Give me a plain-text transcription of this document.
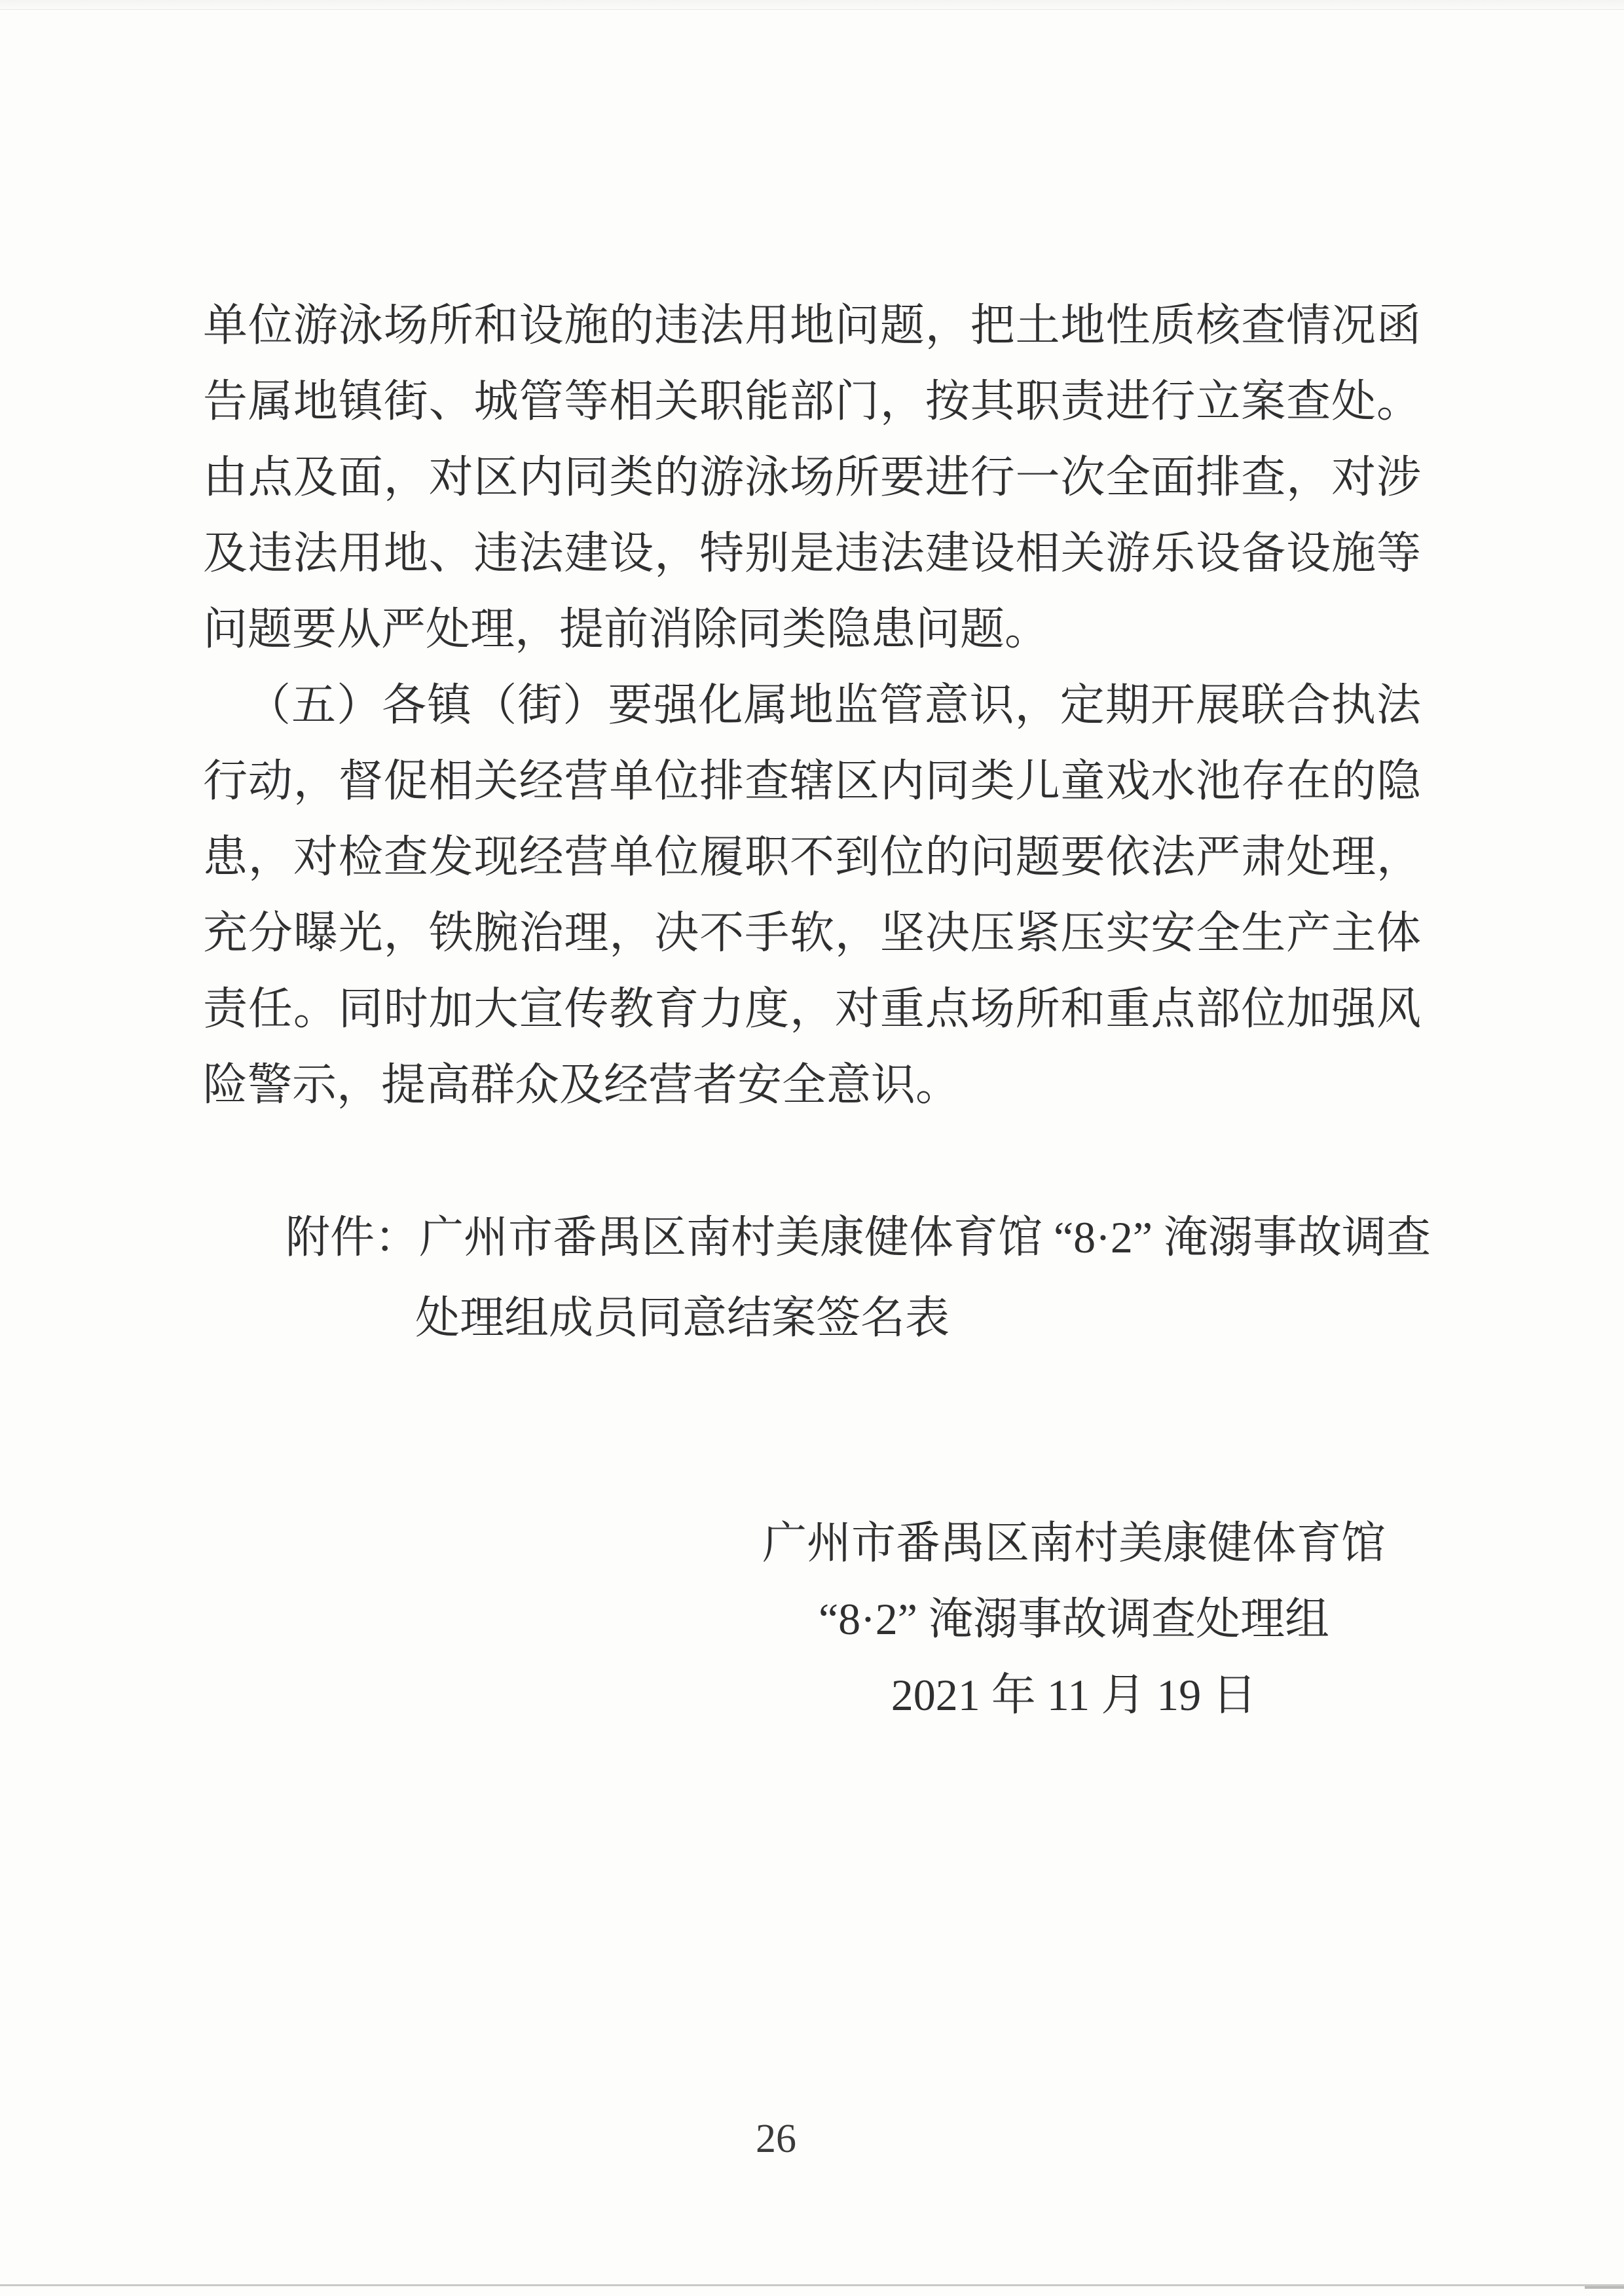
单位游泳场所和设施的违法用地问题，把土地性质核查情况函
告属地镇街、城管等相关职能部门，按其职责进行立案查处。
由点及面，对区内同类的游泳场所要进行一次全面排查，对涉
及违法用地、违法建设，特别是违法建设相关游乐设备设施等
问题要从严处理，提前消除同类隐患问题。
（五）各镇（街）要强化属地监管意识，定期开展联合执法
行动，督促相关经营单位排查辖区内同类儿童戏水池存在的隐
患，对检查发现经营单位履职不到位的问题要依法严肃处理，
充分曝光，铁腕治理，决不手软，坚决压紧压实安全生产主体
责任。同时加大宣传教育力度，对重点场所和重点部位加强风
险警示，提高群众及经营者安全意识。
附件：广州市番禺区南村美康健体育馆 “8·2” 淹溺事故调查
处理组成员同意结案签名表
广州市番禺区南村美康健体育馆
“8·2” 淹溺事故调查处理组
2021 年 11 月 19 日
26
